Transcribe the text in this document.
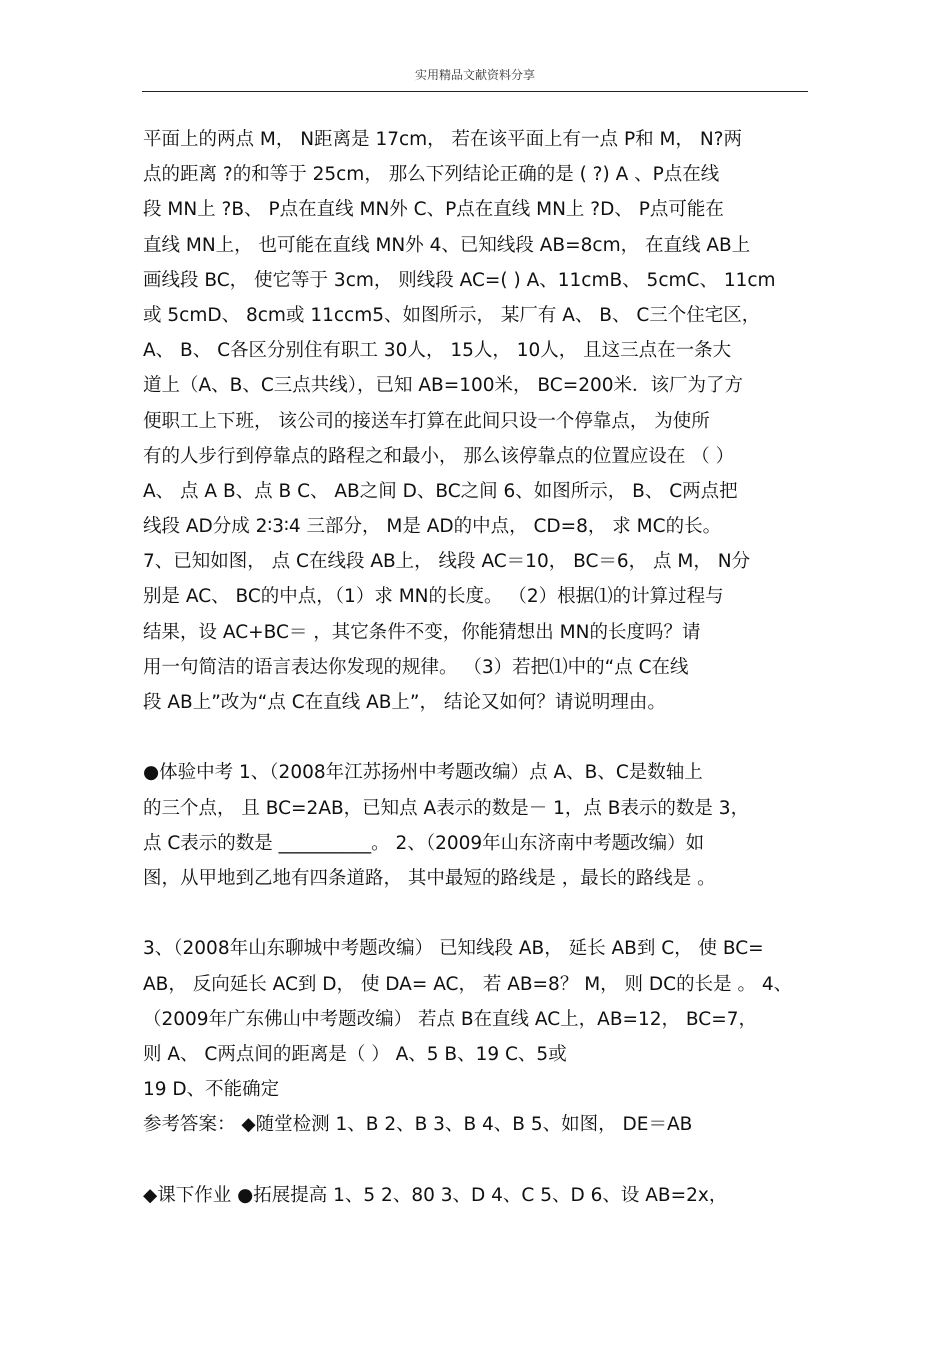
实用精品文献资料分享
平面上的两点 M， N距离是 17cm， 若在该平面上有一点 P和 M， N?两
点的距离 ?的和等于 25cm， 那么下列结论正确的是 ( ?) A 、P点在线
段 MN上 ?B、 P点在直线 MN外 C、P点在直线 MN上 ?D、 P点可能在
直线 MN上， 也可能在直线 MN外 4、已知线段 AB=8cm， 在直线 AB上
画线段 BC， 使它等于 3cm， 则线段 AC=( ) A、11cmB、 5cmC、 11cm
或 5cmD、 8cm或 11ccm5、如图所示， 某厂有 A、 B、 C三个住宅区，
A、 B、 C各区分别住有职工 30人， 15人， 10人， 且这三点在一条大
道上（A、B、C三点共线），已知 AB=100米， BC=200米．该厂为了方
便职工上下班， 该公司的接送车打算在此间只设一个停靠点， 为使所
有的人步行到停靠点的路程之和最小， 那么该停靠点的位置应设在 （ ）
A、 点 A B、点 B C、 AB之间 D、BC之间 6、如图所示， B、 C两点把
线段 AD分成 2∶3∶4 三部分， M是 AD的中点， CD=8， 求 MC的长。
7、已知如图， 点 C在线段 AB上， 线段 AC＝10， BC＝6， 点 M， N分
别是 AC、 BC的中点，（1）求 MN的长度。 （2）根据⑴的计算过程与
结果，设 AC+BC＝ ，其它条件不变，你能猜想出 MN的长度吗？请
用一句简洁的语言表达你发现的规律。 （3）若把⑴中的“点 C在线
段 AB上”改为“点 C在直线 AB上”， 结论又如何？请说明理由。
●体验中考 1、（2008年江苏扬州中考题改编）点 A、B、C是数轴上
的三个点， 且 BC=2AB，已知点 A表示的数是－ 1，点 B表示的数是 3，
点 C表示的数是 __________。 2、（2009年山东济南中考题改编）如
图，从甲地到乙地有四条道路， 其中最短的路线是 ，最长的路线是 。
3、（2008年山东聊城中考题改编） 已知线段 AB， 延长 AB到 C， 使 BC=
AB， 反向延长 AC到 D， 使 DA= AC， 若 AB=8？ M， 则 DC的长是 。 4、
（2009年广东佛山中考题改编） 若点 B在直线 AC上，AB=12， BC=7，
则 A、 C两点间的距离是（ ） A、5 B、19 C、5或
19 D、不能确定
参考答案： ◆随堂检测 1、B 2、B 3、B 4、B 5、如图， DE＝AB
◆课下作业 ●拓展提高 1、5 2、80 3、D 4、C 5、D 6、设 AB=2x，
